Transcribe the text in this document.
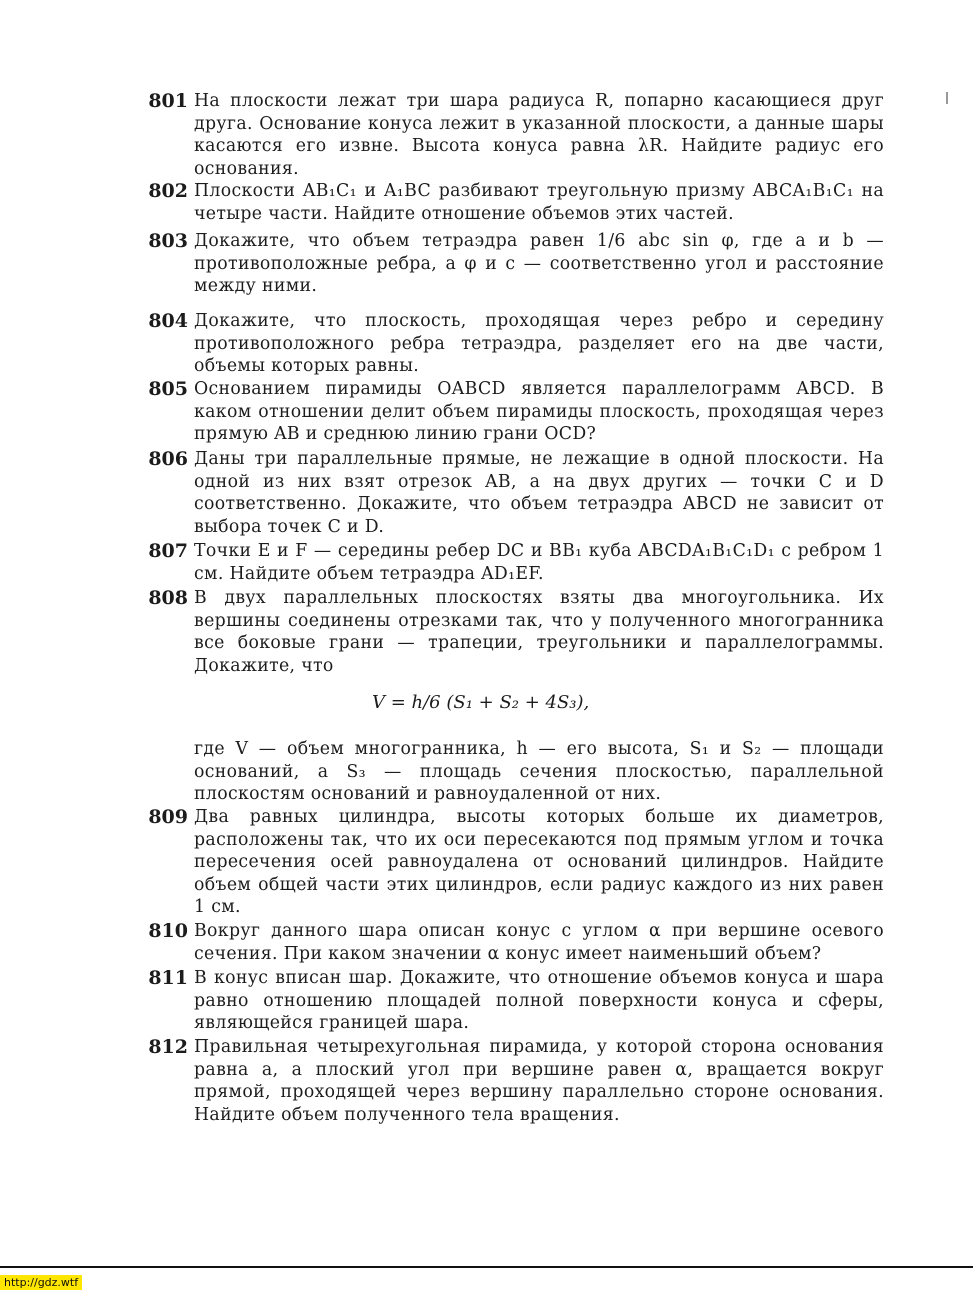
801 На плоскости лежат три шара радиуса R, попарно касающиеся друг друга. Основание конуса лежит в указанной плоскости, а данные шары касаются его извне. Высота конуса равна λR. Найдите радиус его основания.
802 Плоскости AB₁C₁ и A₁BC разбивают треугольную призму ABCA₁B₁C₁ на четыре части. Найдите отношение объемов этих частей.
803 Докажите, что объем тетраэдра равен 1/6 abc sin φ, где a и b — противоположные ребра, а φ и c — соответственно угол и расстояние между ними.
804 Докажите, что плоскость, проходящая через ребро и середину противоположного ребра тетраэдра, разделяет его на две части, объемы которых равны.
805 Основанием пирамиды OABCD является параллелограмм ABCD. В каком отношении делит объем пирамиды плоскость, проходящая через прямую AB и среднюю линию грани OCD?
806 Даны три параллельные прямые, не лежащие в одной плоскости. На одной из них взят отрезок AB, а на двух других — точки C и D соответственно. Докажите, что объем тетраэдра ABCD не зависит от выбора точек C и D.
807 Точки E и F — середины ребер DC и BB₁ куба ABCDA₁B₁C₁D₁ с ребром 1 см. Найдите объем тетраэдра AD₁EF.
808 В двух параллельных плоскостях взяты два многоугольника. Их вершины соединены отрезками так, что у полученного многогранника все боковые грани — трапеции, треугольники и параллелограммы. Докажите, что
V = h/6 (S₁ + S₂ + 4S₃),
где V — объем многогранника, h — его высота, S₁ и S₂ — площади оснований, а S₃ — площадь сечения плоскостью, параллельной плоскостям оснований и равноудаленной от них.
809 Два равных цилиндра, высоты которых больше их диаметров, расположены так, что их оси пересекаются под прямым углом и точка пересечения осей равноудалена от оснований цилиндров. Найдите объем общей части этих цилиндров, если радиус каждого из них равен 1 см.
810 Вокруг данного шара описан конус с углом α при вершине осевого сечения. При каком значении α конус имеет наименьший объем?
811 В конус вписан шар. Докажите, что отношение объемов конуса и шара равно отношению площадей полной поверхности конуса и сферы, являющейся границей шара.
812 Правильная четырехугольная пирамида, у которой сторона основания равна a, а плоский угол при вершине равен α, вращается вокруг прямой, проходящей через вершину параллельно стороне основания. Найдите объем полученного тела вращения.
http://gdz.wtf
